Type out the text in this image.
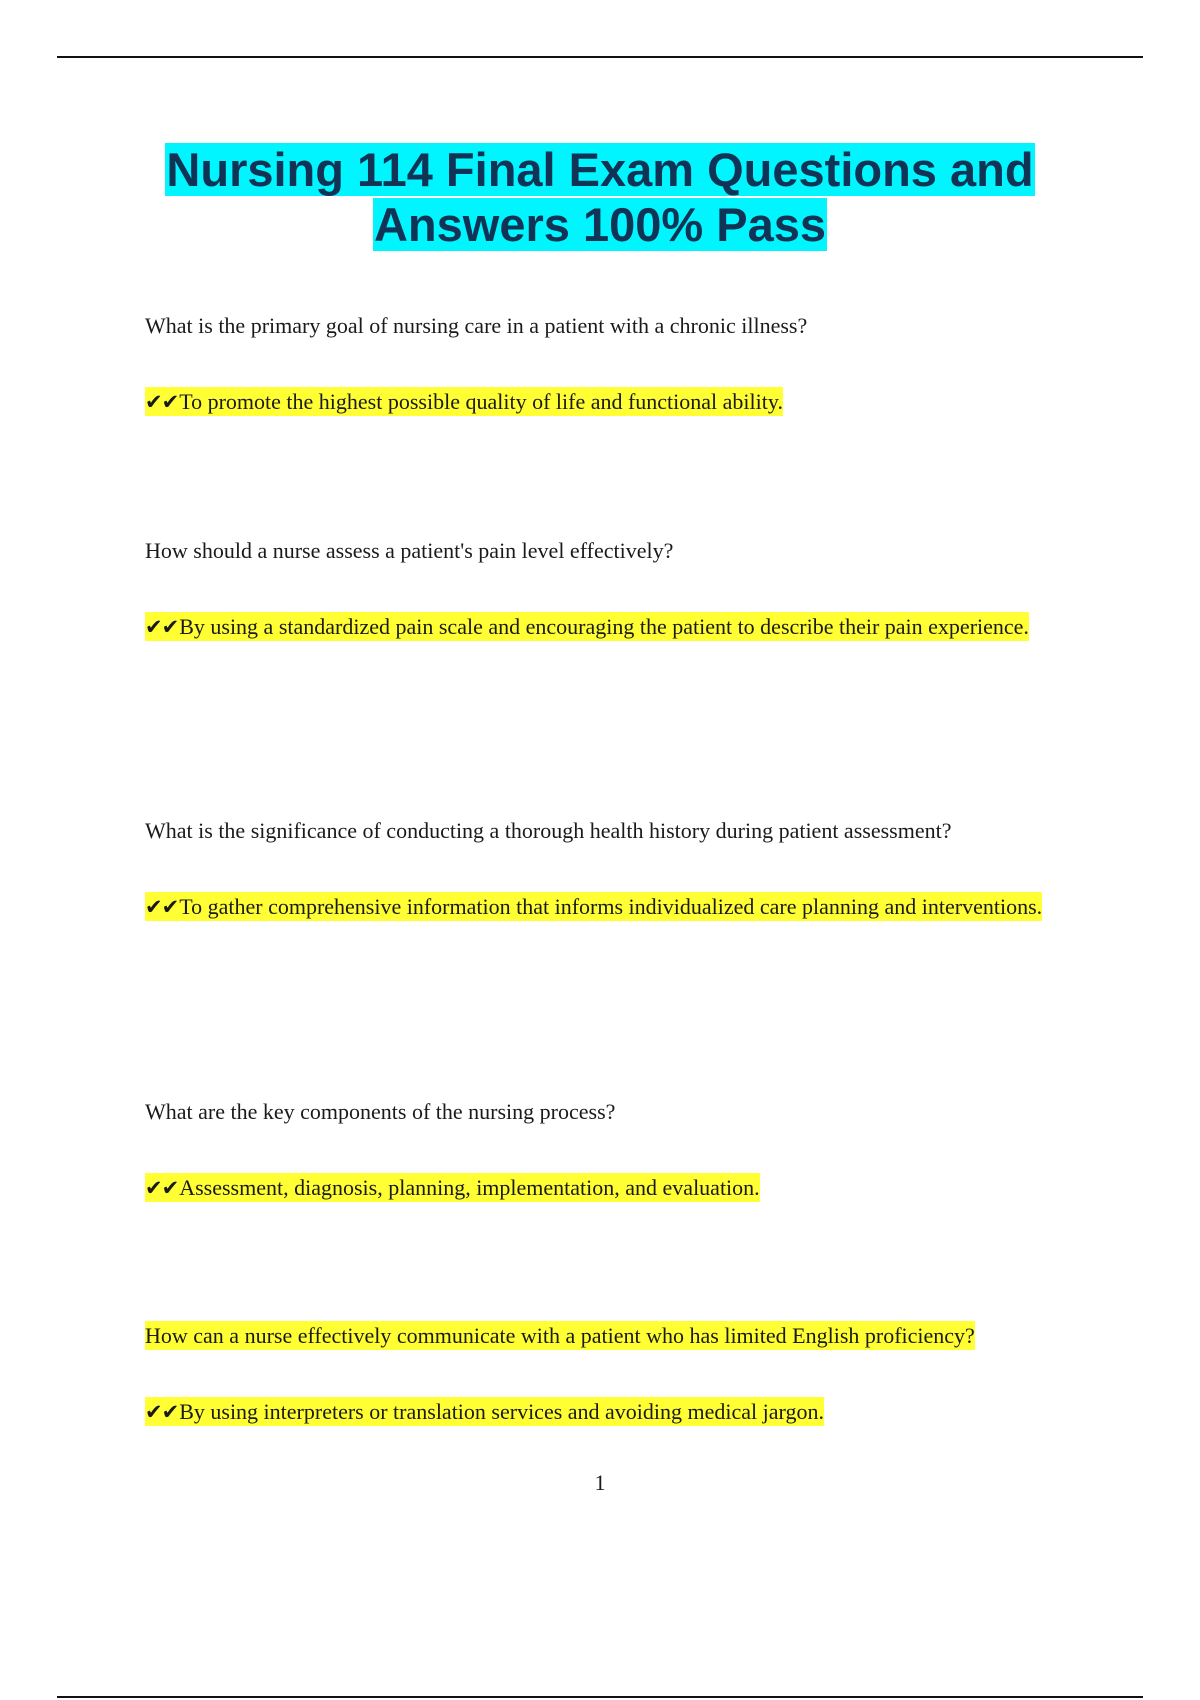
Nursing 114 Final Exam Questions and
Answers 100% Pass
What is the primary goal of nursing care in a patient with a chronic illness?
✔✔To promote the highest possible quality of life and functional ability.
How should a nurse assess a patient's pain level effectively?
✔✔By using a standardized pain scale and encouraging the patient to describe their pain experience.
What is the significance of conducting a thorough health history during patient assessment?
✔✔To gather comprehensive information that informs individualized care planning and interventions.
What are the key components of the nursing process?
✔✔Assessment, diagnosis, planning, implementation, and evaluation.
How can a nurse effectively communicate with a patient who has limited English proficiency?
✔✔By using interpreters or translation services and avoiding medical jargon.
1
